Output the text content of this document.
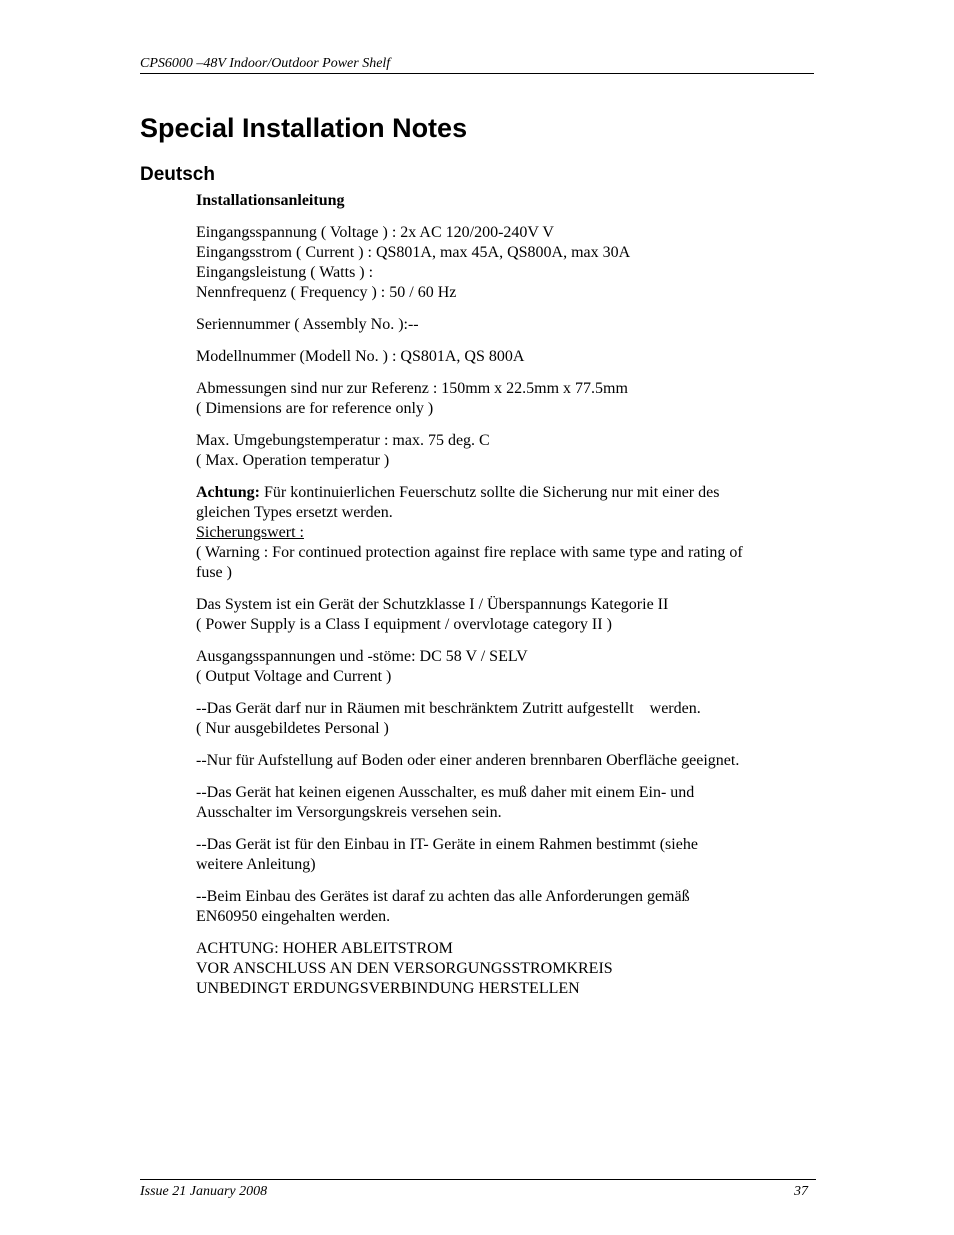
CPS6000 –48V Indoor/Outdoor Power Shelf
Special Installation Notes
Deutsch

Installationsanleitung

Eingangsspannung ( Voltage ) : 2x AC 120/200-240V V
Eingangsstrom ( Current ) : QS801A, max 45A, QS800A, max 30A
Eingangsleistung ( Watts ) :
Nennfrequenz ( Frequency ) : 50 / 60 Hz

Seriennummer ( Assembly No. ):--

Modellnummer (Modell No. ) : QS801A, QS 800A

Abmessungen sind nur zur Referenz : 150mm x 22.5mm x 77.5mm
( Dimensions are for reference only )

Max. Umgebungstemperatur : max. 75 deg. C
( Max. Operation temperatur )

Achtung: Für kontinuierlichen Feuerschutz sollte die Sicherung nur mit einer des
gleichen Types ersetzt werden.
Sicherungswert :
( Warning : For continued protection against fire replace with same type and rating of
fuse )

Das System ist ein Gerät der Schutzklasse I / Überspannungs Kategorie II
( Power Supply is a Class I equipment / overvlotage category II )

Ausgangsspannungen und -stöme: DC 58 V / SELV
( Output Voltage and Current )

--Das Gerät darf nur in Räumen mit beschränktem Zutritt aufgestellt    werden.
( Nur ausgebildetes Personal )

--Nur für Aufstellung auf Boden oder einer anderen brennbaren Oberfläche geeignet.

--Das Gerät hat keinen eigenen Ausschalter, es muß daher mit einem Ein- und
Ausschalter im Versorgungskreis versehen sein.

--Das Gerät ist für den Einbau in IT- Geräte in einem Rahmen bestimmt (siehe
weitere Anleitung)

--Beim Einbau des Gerätes ist daraf zu achten das alle Anforderungen gemäß
EN60950 eingehalten werden.

ACHTUNG: HOHER ABLEITSTROM
VOR ANSCHLUSS AN DEN VERSORGUNGSSTROMKREIS
UNBEDINGT ERDUNGSVERBINDUNG HERSTELLEN

Issue 21 January 2008	37
